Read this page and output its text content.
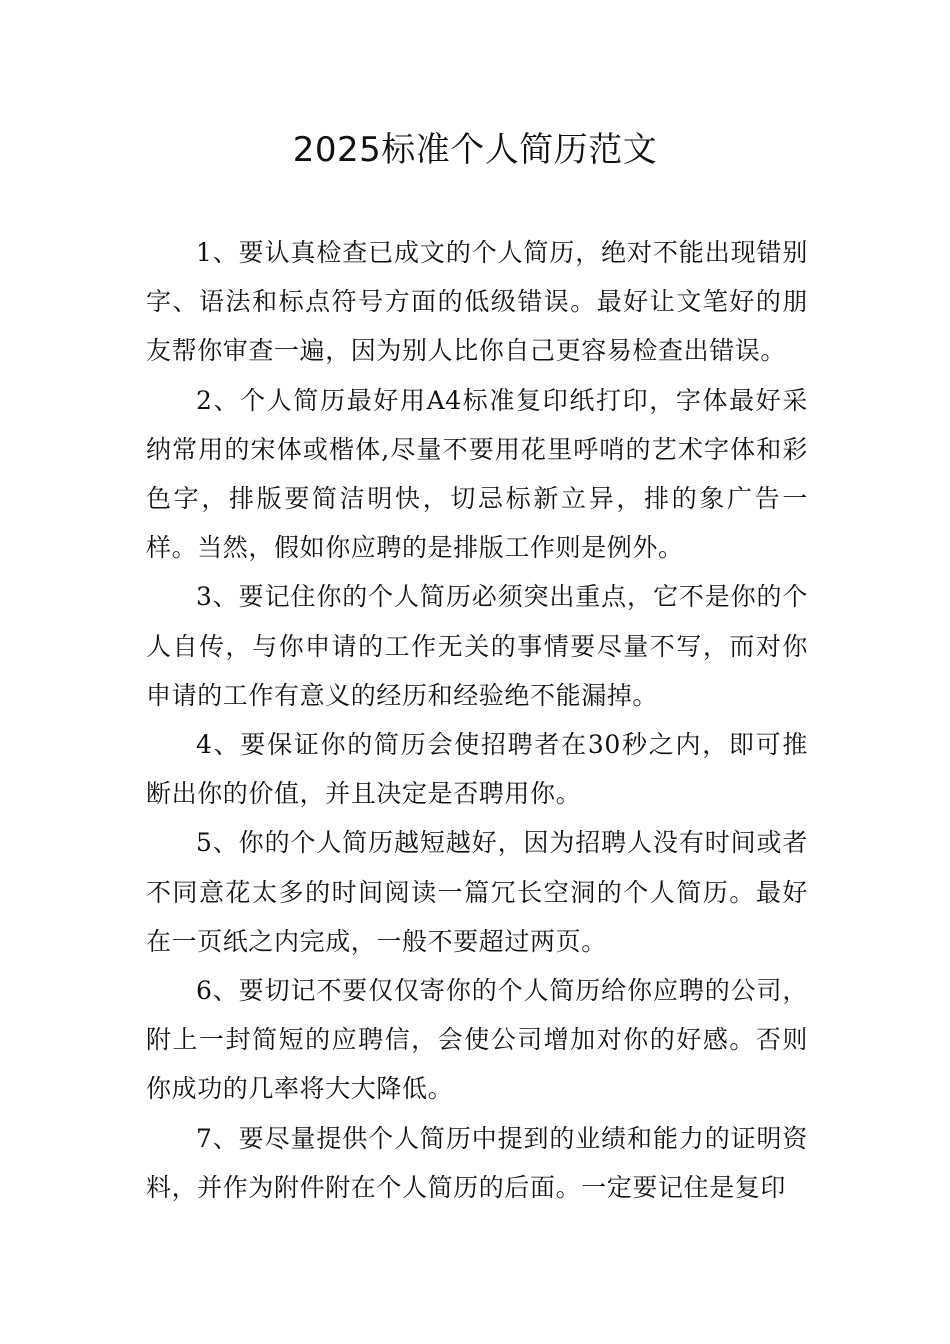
2025标准个人简历范文

1、要认真检查已成文的个人简历，绝对不能出现错别字、语法和标点符号方面的低级错误。最好让文笔好的朋友帮你审查一遍，因为别人比你自己更容易检查出错误。

2、个人简历最好用A4标准复印纸打印，字体最好采纳常用的宋体或楷体,尽量不要用花里呼哨的艺术字体和彩色字，排版要简洁明快，切忌标新立异，排的象广告一样。当然，假如你应聘的是排版工作则是例外。

3、要记住你的个人简历必须突出重点，它不是你的个人自传，与你申请的工作无关的事情要尽量不写，而对你申请的工作有意义的经历和经验绝不能漏掉。

4、要保证你的简历会使招聘者在30秒之内，即可推断出你的价值，并且决定是否聘用你。

5、你的个人简历越短越好，因为招聘人没有时间或者不同意花太多的时间阅读一篇冗长空洞的个人简历。最好在一页纸之内完成，一般不要超过两页。

6、要切记不要仅仅寄你的个人简历给你应聘的公司，附上一封简短的应聘信，会使公司增加对你的好感。否则你成功的几率将大大降低。

7、要尽量提供个人简历中提到的业绩和能力的证明资料，并作为附件附在个人简历的后面。一定要记住是复印
